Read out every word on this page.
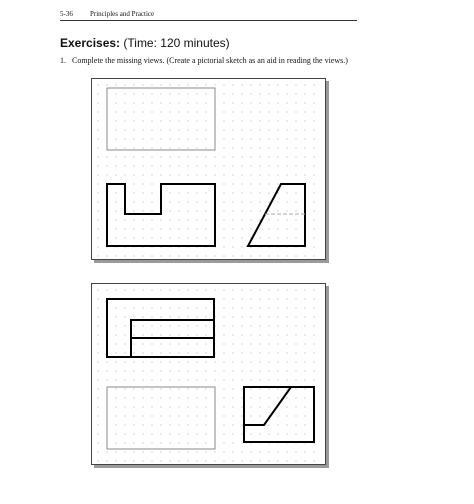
5-36 Principles and Practice
Exercises: (Time: 120 minutes)
1. Complete the missing views. (Create a pictorial sketch as an aid in reading the views.)
